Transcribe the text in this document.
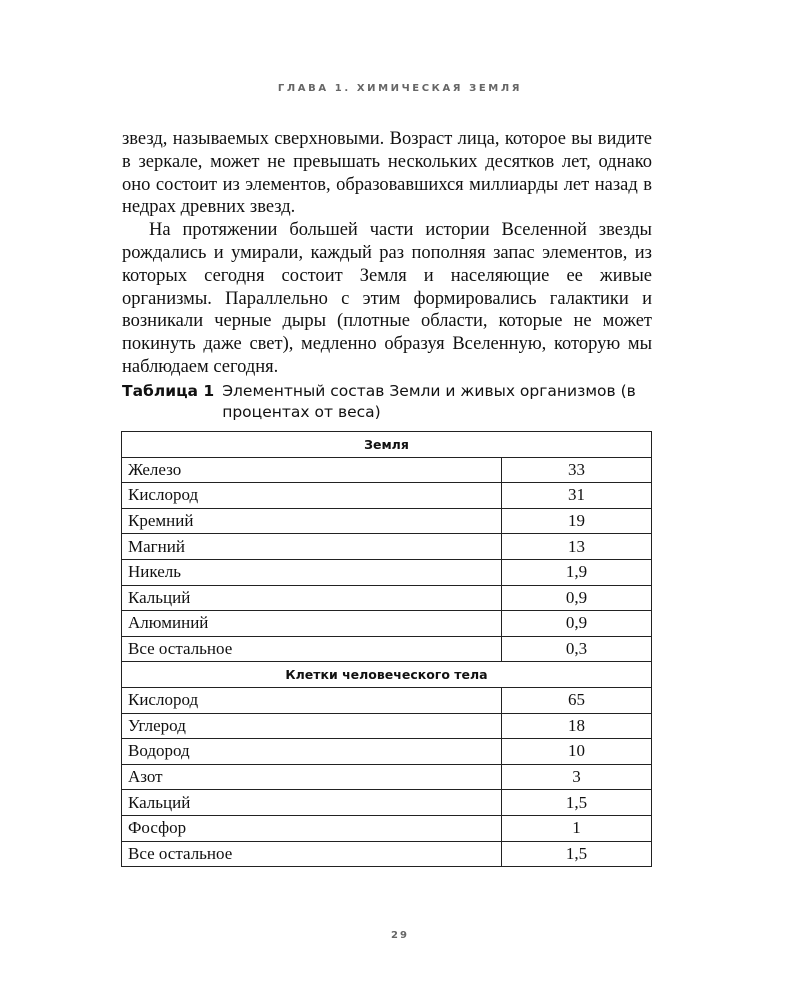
ГЛАВА 1. ХИМИЧЕСКАЯ ЗЕМЛЯ

звезд, называемых сверхновыми. Возраст лица, которое вы видите в зеркале, может не превышать нескольких десятков лет, однако оно состоит из элементов, образовавшихся миллиарды лет назад в недрах древних звезд.

На протяжении большей части истории Вселенной звезды рождались и умирали, каждый раз пополняя запас элементов, из которых сегодня состоит Земля и населяющие ее живые организмы. Параллельно с этим формировались галактики и возникали черные дыры (плотные области, которые не может покинуть даже свет), медленно образуя Вселенную, которую мы наблюдаем сегодня.

Таблица 1 Элементный состав Земли и живых организмов (в процентах от веса)
Земля	
Железо	33
Кислород	31
Кремний	19
Магний	13
Никель	1,9
Кальций	0,9
Алюминий	0,9
Все остальное	0,3
Клетки человеческого тела	
Кислород	65
Углерод	18
Водород	10
Азот	3
Кальций	1,5
Фосфор	1
Все остальное	1,5
29
